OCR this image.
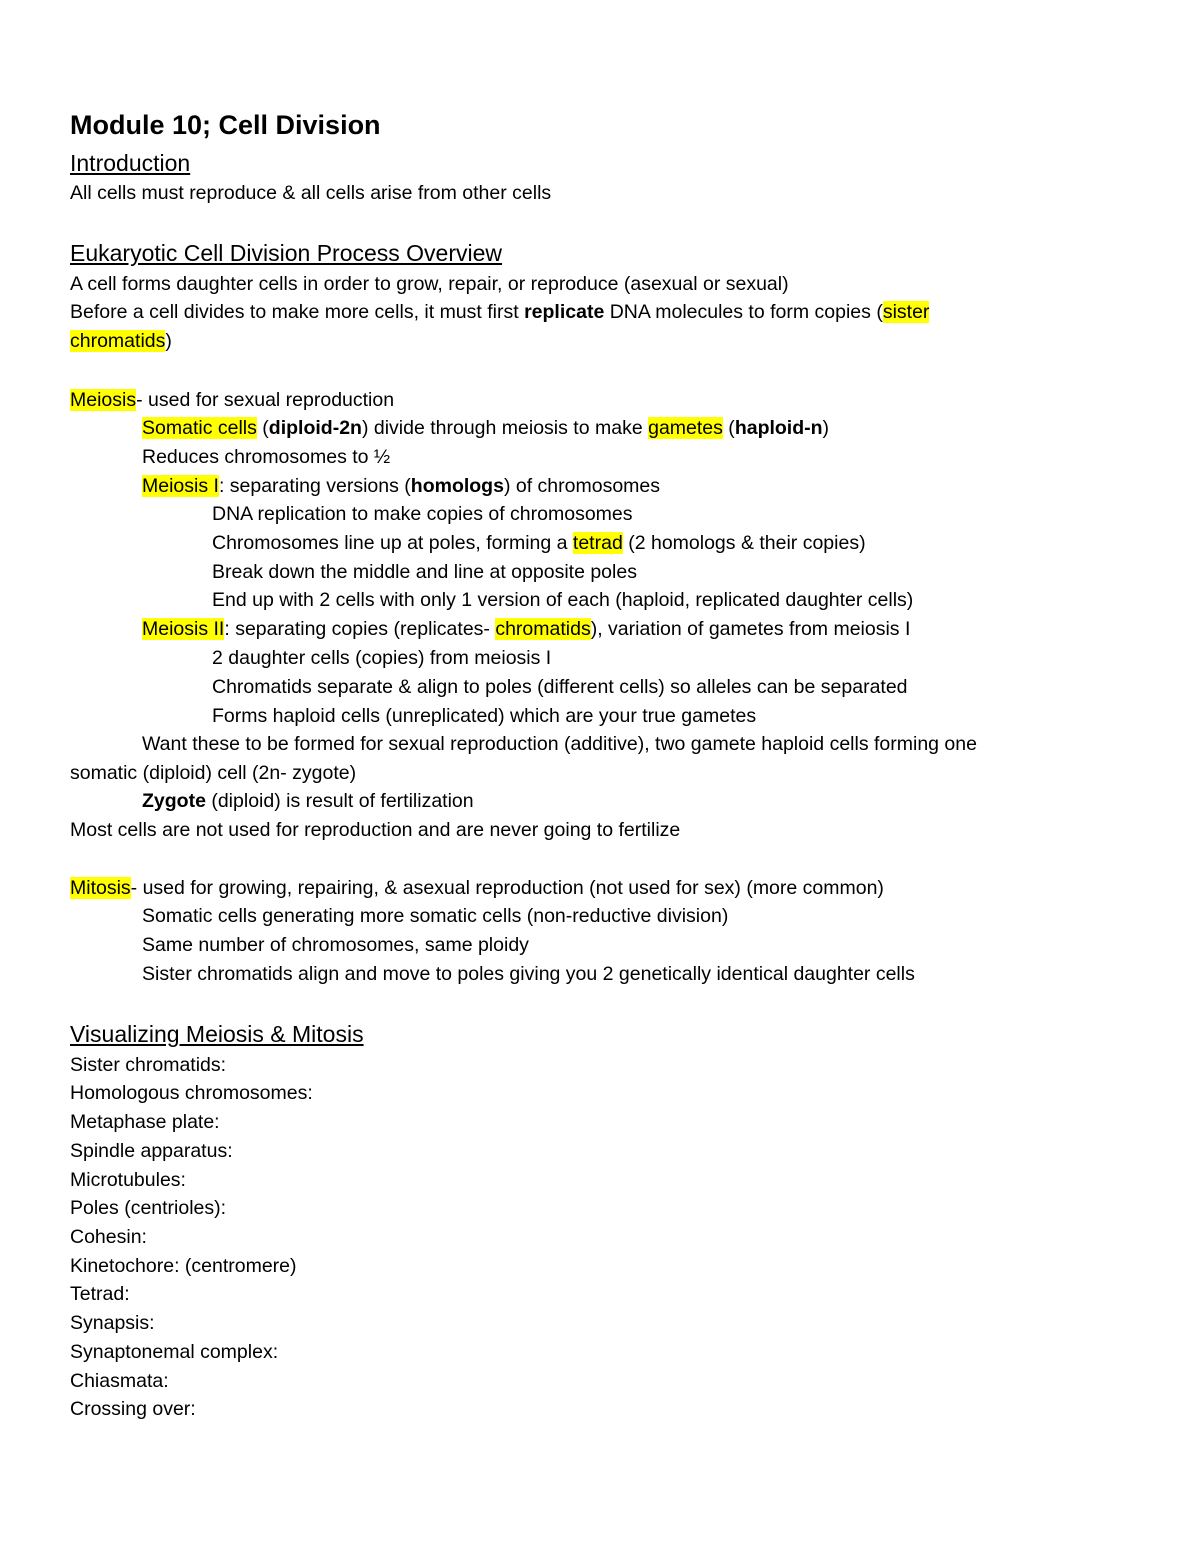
Module 10; Cell Division
Introduction
All cells must reproduce & all cells arise from other cells
Eukaryotic Cell Division Process Overview
A cell forms daughter cells in order to grow, repair, or reproduce (asexual or sexual)
Before a cell divides to make more cells, it must first replicate DNA molecules to form copies (sister
chromatids)
Meiosis- used for sexual reproduction
Somatic cells (diploid-2n) divide through meiosis to make gametes (haploid-n)
Reduces chromosomes to ½
Meiosis I: separating versions (homologs) of chromosomes
DNA replication to make copies of chromosomes
Chromosomes line up at poles, forming a tetrad (2 homologs & their copies)
Break down the middle and line at opposite poles
End up with 2 cells with only 1 version of each (haploid, replicated daughter cells)
Meiosis II: separating copies (replicates- chromatids), variation of gametes from meiosis I
2 daughter cells (copies) from meiosis I
Chromatids separate & align to poles (different cells) so alleles can be separated
Forms haploid cells (unreplicated) which are your true gametes
Want these to be formed for sexual reproduction (additive), two gamete haploid cells forming one
somatic (diploid) cell (2n- zygote)
Zygote (diploid) is result of fertilization
Most cells are not used for reproduction and are never going to fertilize
Mitosis- used for growing, repairing, & asexual reproduction (not used for sex) (more common)
Somatic cells generating more somatic cells (non-reductive division)
Same number of chromosomes, same ploidy
Sister chromatids align and move to poles giving you 2 genetically identical daughter cells
Visualizing Meiosis & Mitosis
Sister chromatids:
Homologous chromosomes:
Metaphase plate:
Spindle apparatus:
Microtubules:
Poles (centrioles):
Cohesin:
Kinetochore: (centromere)
Tetrad:
Synapsis:
Synaptonemal complex:
Chiasmata:
Crossing over:
